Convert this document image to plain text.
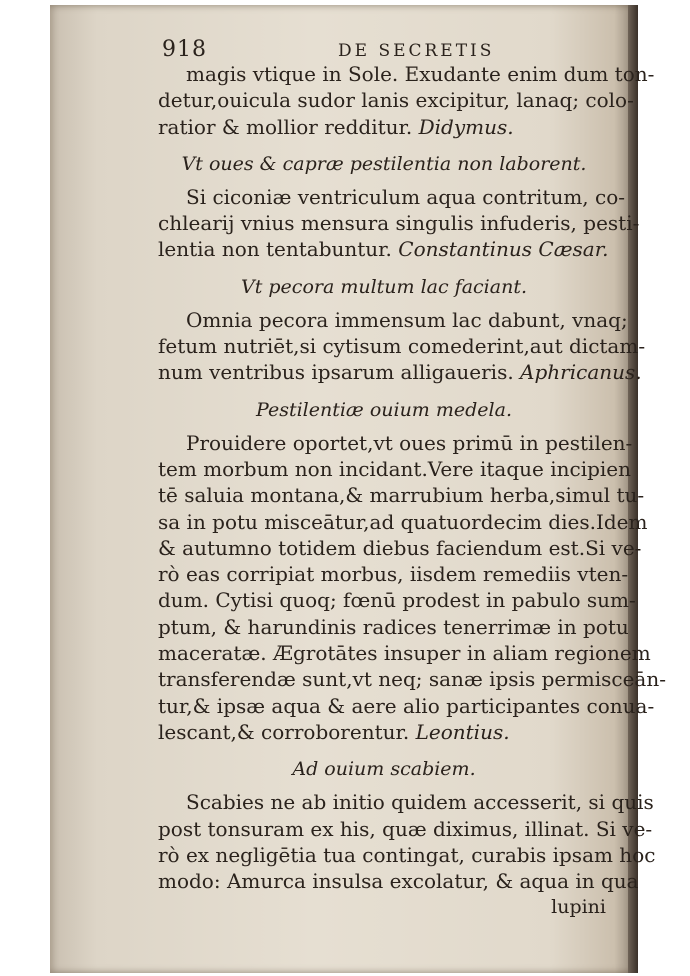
918	DE SECRETIS
magis vtique in Sole. Exudante enim dum ton-
detur,ouicula sudor lanis excipitur, lanaq; colo-
ratior & mollior redditur. Didymus.
Vt oues & capræ pestilentia non laborent.
Si ciconiæ ventriculum aqua contritum, co-
chlearij vnius mensura singulis infuderis, pesti-
lentia non tentabuntur. Constantinus Cæsar.
Vt pecora multum lac faciant.
Omnia pecora immensum lac dabunt, vnaq;
fetum nutriēt,si cytisum comederint,aut dictam-
num ventribus ipsarum alligaueris. Aphricanus.
Pestilentiæ ouium medela.
Prouidere oportet,vt oues primū in pestilen-
tem morbum non incidant.Vere itaque incipien
tē saluia montana,& marrubium herba,simul tu-
sa in potu misceātur,ad quatuordecim dies.Idem
& autumno totidem diebus faciendum est.Si ve-
rò eas corripiat morbus, iisdem remediis vten-
dum. Cytisi quoq; fœnū prodest in pabulo sum-
ptum, & harundinis radices tenerrimæ in potu
maceratæ. Ægrotātes insuper in aliam regionem
transferendæ sunt,vt neq; sanæ ipsis permisceān-
tur,& ipsæ aqua & aere alio participantes conua-
lescant,& corroborentur. Leontius.
Ad ouium scabiem.
Scabies ne ab initio quidem accesserit, si quis
post tonsuram ex his, quæ diximus, illinat. Si ve-
rò ex negligētia tua contingat, curabis ipsam hoc
modo: Amurca insulsa excolatur, & aqua in qua
lupini
